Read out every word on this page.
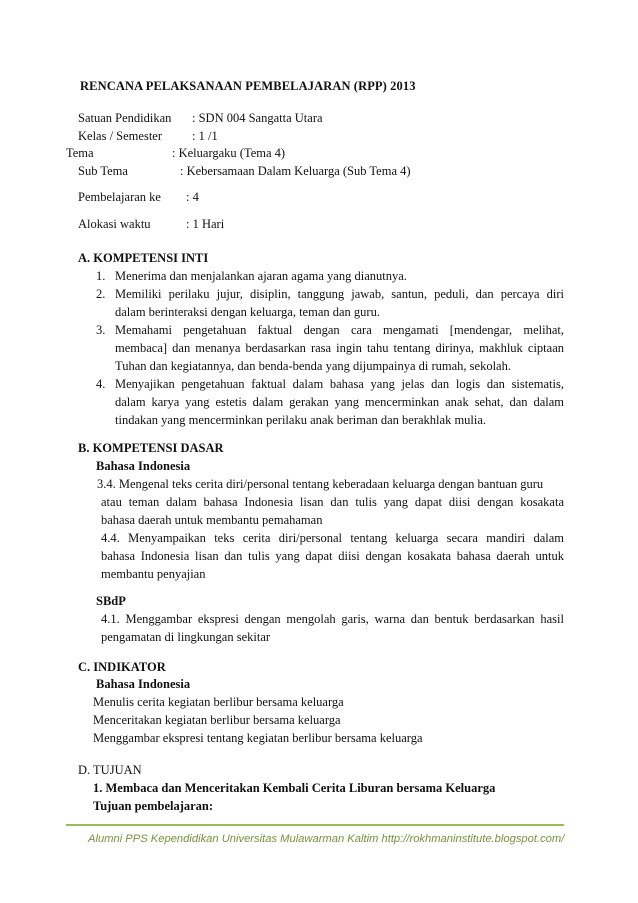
RENCANA PELAKSANAAN PEMBELAJARAN (RPP) 2013
Satuan Pendidikan : SDN 004 Sangatta Utara
Kelas / Semester : 1 /1
Tema	: Keluargaku (Tema 4)
Sub Tema	: Kebersamaan Dalam Keluarga (Sub Tema 4)
Pembelajaran ke : 4
Alokasi waktu	: 1 Hari
A. KOMPETENSI INTI
1. Menerima dan menjalankan ajaran agama yang dianutnya.
2. Memiliki perilaku jujur, disiplin, tanggung jawab, santun, peduli, dan percaya diri
dalam berinteraksi dengan keluarga, teman dan guru.
3. Memahami pengetahuan faktual dengan cara mengamati [mendengar, melihat,
membaca] dan menanya berdasarkan rasa ingin tahu tentang dirinya, makhluk ciptaan
Tuhan dan kegiatannya, dan benda-benda yang dijumpainya di rumah, sekolah.
4. Menyajikan pengetahuan faktual dalam bahasa yang jelas dan logis dan sistematis,
dalam karya yang estetis dalam gerakan yang mencerminkan anak sehat, dan dalam
tindakan yang mencerminkan perilaku anak beriman dan berakhlak mulia.
B. KOMPETENSI DASAR
Bahasa Indonesia
3.4. Mengenal teks cerita diri/personal tentang keberadaan keluarga dengan bantuan guru
atau teman dalam bahasa Indonesia lisan dan tulis yang dapat diisi dengan kosakata
bahasa daerah untuk membantu pemahaman
4.4. Menyampaikan teks cerita diri/personal tentang keluarga secara mandiri dalam
bahasa Indonesia lisan dan tulis yang dapat diisi dengan kosakata bahasa daerah untuk
membantu penyajian
SBdP
4.1. Menggambar ekspresi dengan mengolah garis, warna dan bentuk berdasarkan hasil
pengamatan di lingkungan sekitar
C. INDIKATOR
Bahasa Indonesia
Menulis cerita kegiatan berlibur bersama keluarga
Menceritakan kegiatan berlibur bersama keluarga
Menggambar ekspresi tentang kegiatan berlibur bersama keluarga
D. TUJUAN
1. Membaca dan Menceritakan Kembali Cerita Liburan bersama Keluarga
Tujuan pembelajaran:
Alumni PPS Kependidikan Universitas Mulawarman Kaltim http://rokhmaninstitute.blogspot.com/
